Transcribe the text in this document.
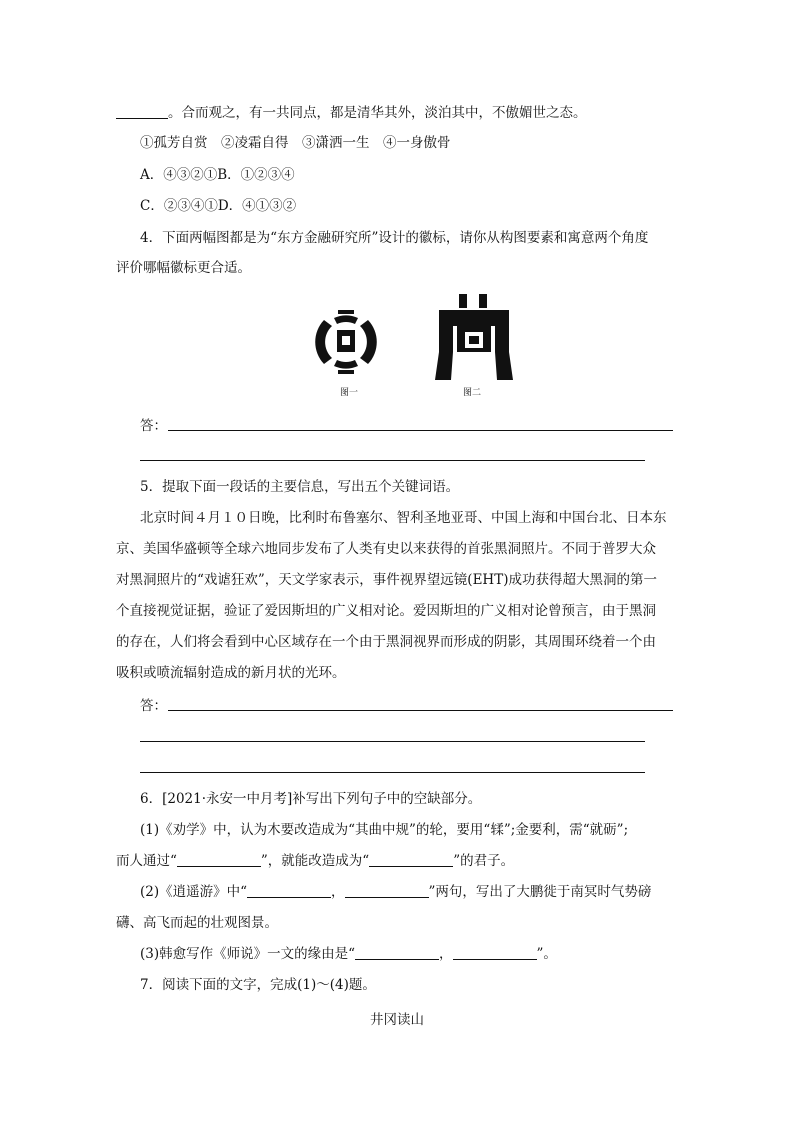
。合而观之，有一共同点，都是清华其外，淡泊其中，不傲媚世之态。
①孤芳自赏　②凌霜自得　③潇洒一生　④一身傲骨
A．④③②①B．①②③④
C．②③④①D．④①③②
4．下面两幅图都是为“东方金融研究所”设计的徽标，请你从构图要素和寓意两个角度
评价哪幅徽标更合适。
图一	图二
答：
5．提取下面一段话的主要信息，写出五个关键词语。
北京时间４月１０日晚，比利时布鲁塞尔、智利圣地亚哥、中国上海和中国台北、日本东
京、美国华盛顿等全球六地同步发布了人类有史以来获得的首张黑洞照片。不同于普罗大众
对黑洞照片的“戏谑狂欢”，天文学家表示，事件视界望远镜(EHT)成功获得超大黑洞的第一
个直接视觉证据，验证了爱因斯坦的广义相对论。爱因斯坦的广义相对论曾预言，由于黑洞
的存在，人们将会看到中心区域存在一个由于黑洞视界而形成的阴影，其周围环绕着一个由
吸积或喷流辐射造成的新月状的光环。
答：
6．[2021·永安一中月考]补写出下列句子中的空缺部分。
(1)《劝学》中，认为木要改造成为“其曲中规”的轮，要用“𫐓”;金要利，需“就砺”;
而人通过“	”，就能改造成为“	”的君子。
(2)《逍遥游》中“	，	”两句，写出了大鹏徙于南冥时气势磅
礴、高飞而起的壮观图景。
(3)韩愈写作《师说》一文的缘由是“	，	”。
7．阅读下面的文字，完成(1)～(4)题。
井冈读山
